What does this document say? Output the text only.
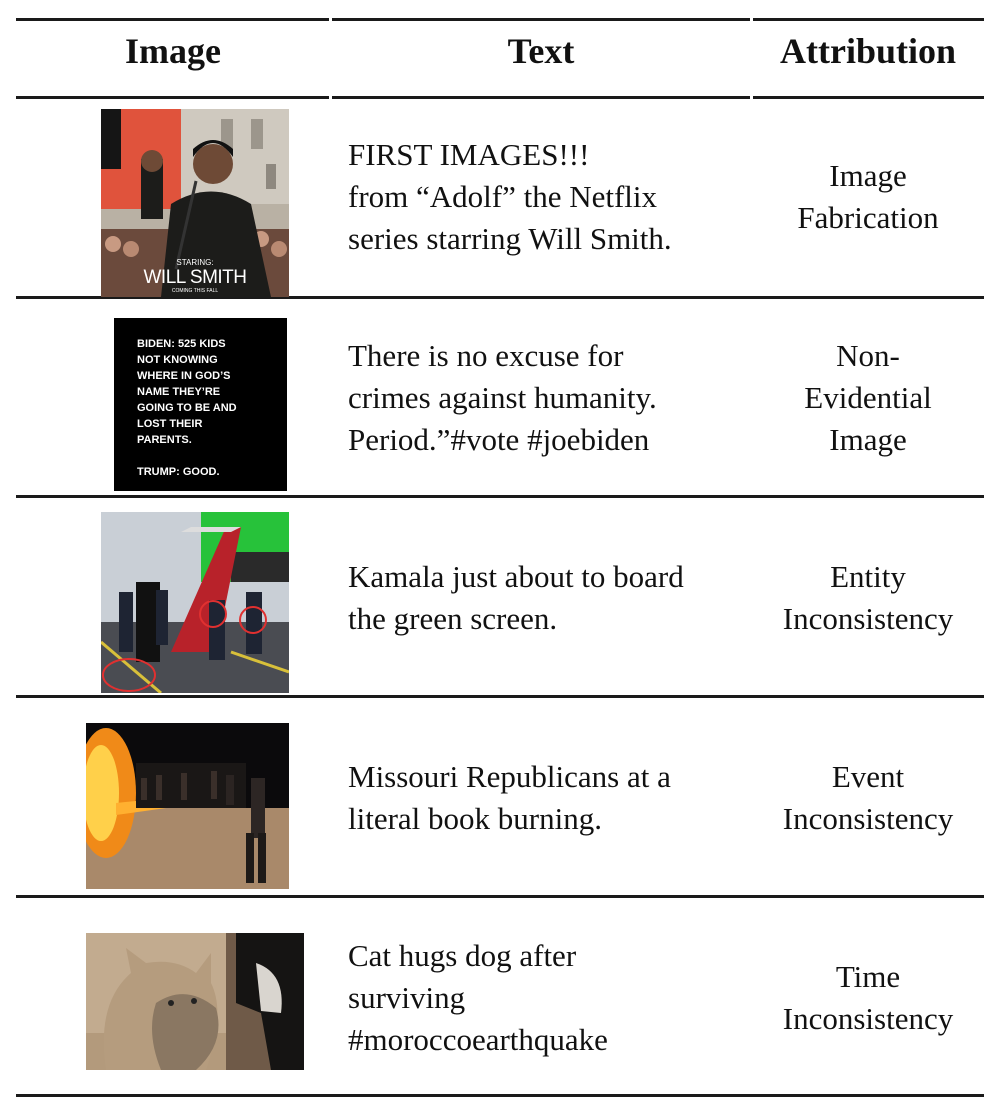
Image	Text	Attribution
STARING:
WILL SMITH
COMING THIS FALL
FIRST IMAGES!!!
from “Adolf” the Netflix
series starring Will Smith.
Image
Fabrication
BIDEN: 525 KIDS
NOT KNOWING
WHERE IN GOD’S
NAME THEY’RE
GOING TO BE AND
LOST THEIR
PARENTS.
TRUMP: GOOD.
There is no excuse for
crimes against humanity.
Period.”#vote #joebiden
Non-
Evidential
Image
Kamala just about to board
the green screen.
Entity
Inconsistency
Missouri Republicans at a
literal book burning.
Event
Inconsistency
Cat hugs dog after
surviving
#moroccoearthquake
Time
Inconsistency
